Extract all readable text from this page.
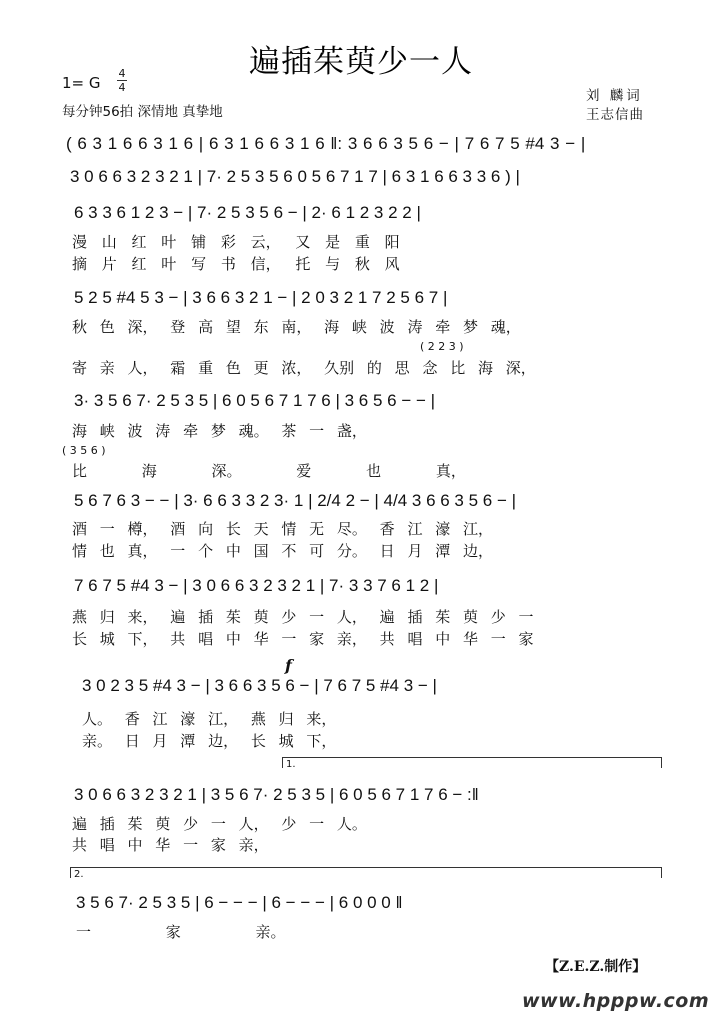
遍插茱萸少一人
1= G
4
4
每分钟56拍 深情地 真挚地
刘 麟词
王志信曲
( 6 3 1 6 6 3 1 6 | 6 3 1 6 6 3 1 6 ‖: 3 6 6 3 5 6 − | 7 6 7 5 #4 3 − |
3 0 6 6 3 2 3 2 1 | 7· 2 5 3 5 6 0 5 6 7 1 7 | 6 3 1 6 6 3 3 6 ) |
6 3 3 6 1 2 3 − | 7· 2 5 3 5 6 − | 2· 6 1 2 3 2 2 |
漫 山 红 叶 铺 彩 云， 又 是 重 阳
摘 片 红 叶 写 书 信， 托 与 秋 风
5 2 5 #4 5 3 − | 3 6 6 3 2 1 − | 2 0 3 2 1 7 2 5 6 7 |
秋 色 深， 登 高 望 东 南， 海 峡 波 涛 牵 梦 魂，
( 2 2 3 )
寄 亲 人， 霜 重 色 更 浓， 久别 的 思 念 比 海 深，
3· 3 5 6 7· 2 5 3 5 | 6 0 5 6 7 1 7 6 | 3 6 5 6 − − |
海 峡 波 涛 牵 梦 魂。 茶 一 盏，
( 3 5 6 )
比 海 深。 爱 也 真，
5 6 7 6 3 − − | 3· 6 6 3 3 2 3· 1 | 2/4 2 − | 4/4 3 6 6 3 5 6 − |
酒 一 樽， 酒 向 长 天 情 无 尽。 香 江 濠 江，
情 也 真， 一 个 中 国 不 可 分。 日 月 潭 边，
7 6 7 5 #4 3 − | 3 0 6 6 3 2 3 2 1 | 7· 3 3 7 6 1 2 |
燕 归 来， 遍 插 茱 萸 少 一 人， 遍 插 茱 萸 少 一
长 城 下， 共 唱 中 华 一 家 亲， 共 唱 中 华 一 家
f
3 0 2 3 5 #4 3 − | 3 6 6 3 5 6 − | 7 6 7 5 #4 3 − |
人。 香 江 濠 江， 燕 归 来，
亲。 日 月 潭 边， 长 城 下，
1.
3 0 6 6 3 2 3 2 1 | 3 5 6 7· 2 5 3 5 | 6 0 5 6 7 1 7 6 − :‖
遍 插 茱 萸 少 一 人， 少 一 人。
共 唱 中 华 一 家 亲，
2.
3 5 6 7· 2 5 3 5 | 6 − − − | 6 − − − | 6 0 0 0 ‖
一 家 亲。
【Z.E.Z.制作】
www.hpppw.com
